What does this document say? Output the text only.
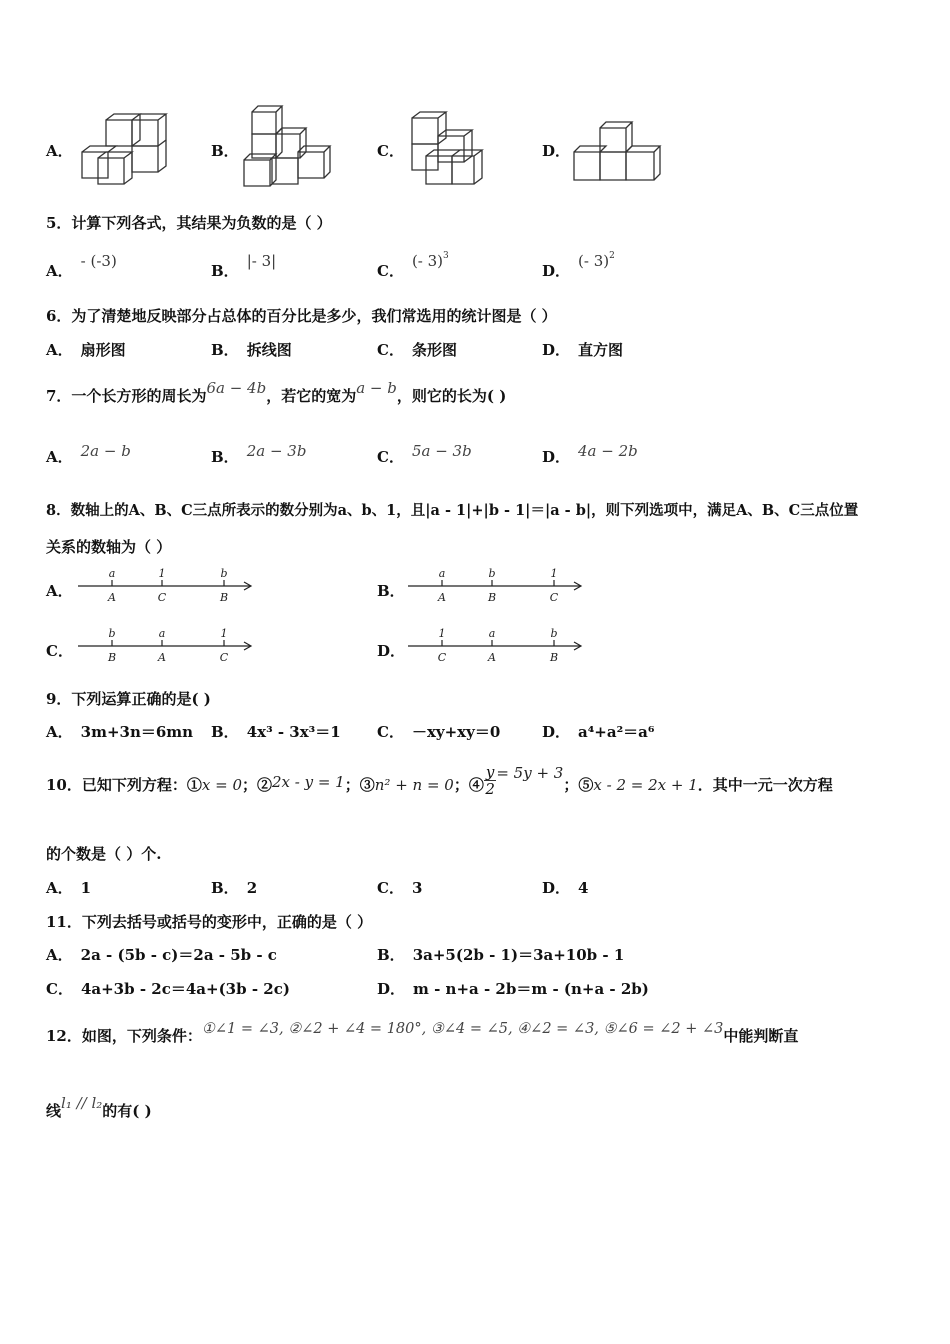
A．	B．	C．	D．
5．计算下列各式，其结果为负数的是（ ）
A．- (-3)
B．|- 3|
C．(- 3)$^3$
D．(- 3)$^2$
6．为了清楚地反映部分占总体的百分比是多少，我们常选用的统计图是（ ）
A． 扇形图	B． 拆线图	C． 条形图	D． 直方图
7．一个长方形的周长为6a − 4b，若它的宽为a − b，则它的长为( )
A． 2a − b	B． 2a − 3b	C． 5a − 3b	D． 4a − 2b
8．数轴上的A、B、C三点所表示的数分别为a、b、1，且|a - 1|+|b - 1|＝|a - b|，则下列选项中，满足A、B、C三点位置
关系的数轴为（ ）
A．	B．
C．	D．
a
A
1
C
b
B
a
A
b
B
1
C
b
B
a
A
1
C
1
C
a
A
b
B
9．下列运算正确的是( )
A． 3m+3n＝6mn B． 4x³ - 3x³＝1 C． －xy+xy＝0	D． a⁴+a²＝a⁶
10．已知下列方程：①x = 0；②2x - y = 1；③n² + n = 0；④ $\frac{y}{2} = 5y + 3$；⑤x - 2 = 2x + 1．其中一元一次方程
的个数是（ ）个.
A． 1	B． 2	C． 3	D． 4
11．下列去括号或括号的变形中，正确的是（ ）
A． 2a - (5b - c)＝2a - 5b - c	B． 3a+5(2b - 1)＝3a+10b - 1
C． 4a+3b - 2c＝4a+(3b - 2c)	D． m - n+a - 2b＝m - (n+a - 2b)
12．如图，下列条件：①∠1 = ∠3, ②∠2 + ∠4 = 180°, ③∠4 = ∠5, ④∠2 = ∠3, ⑤∠6 = ∠2 + ∠3中能判断直
线l₁ // l₂的有( )
